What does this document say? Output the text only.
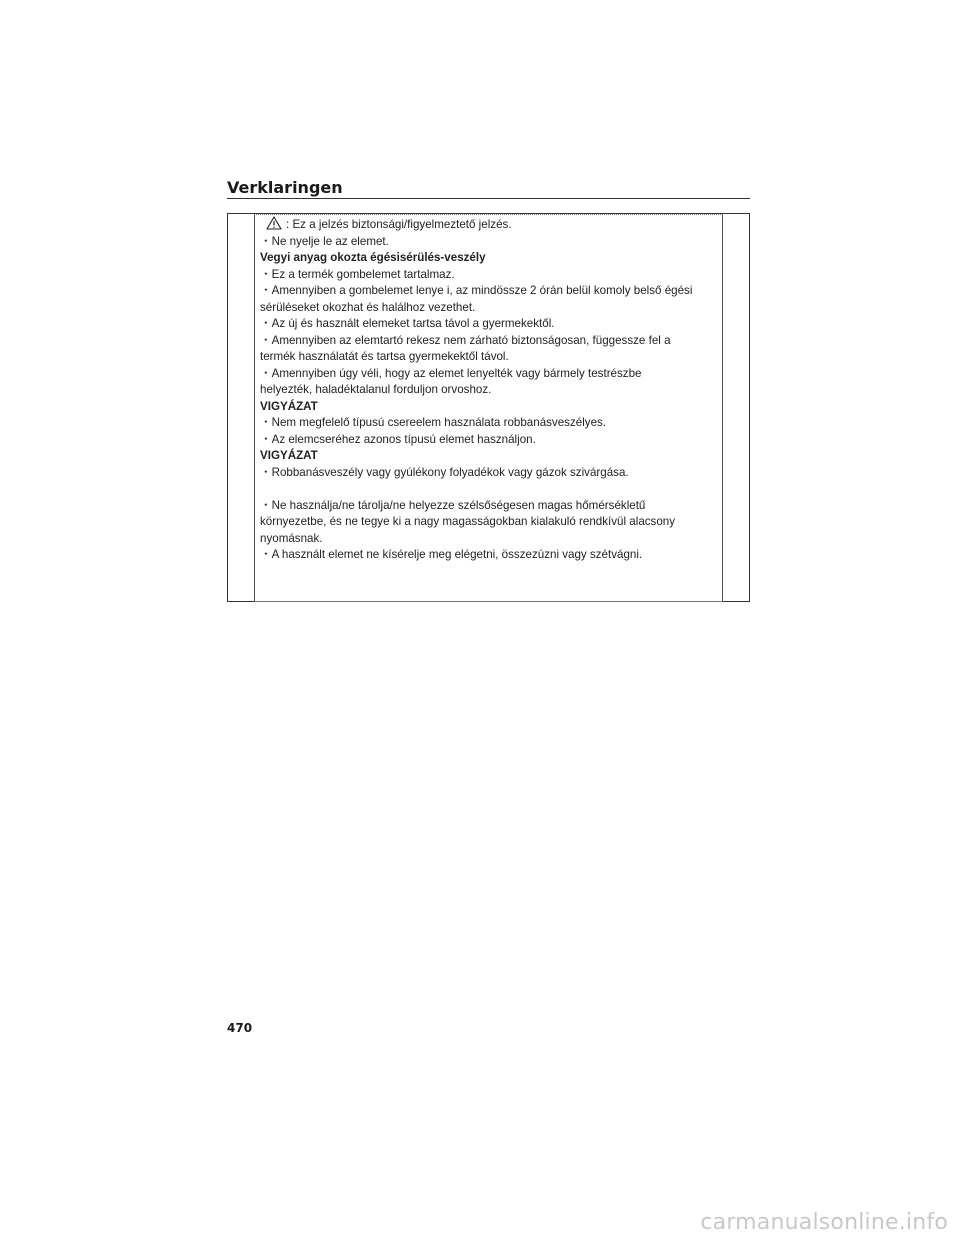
Verklaringen
: Ez a jelzés biztonsági/figyelmeztető jelzés.
・Ne nyelje le az elemet.
Vegyi anyag okozta égésisérülés-veszély
・Ez a termék gombelemet tartalmaz.
・Amennyiben a gombelemet lenye i, az mindössze 2 órán belül komoly belső égési
sérüléseket okozhat és halálhoz vezethet.
・Az új és használt elemeket tartsa távol a gyermekektől.
・Amennyiben az elemtartó rekesz nem zárható biztonságosan, függessze fel a
termék használatát és tartsa gyermekektől távol.
・Amennyiben úgy véli, hogy az elemet lenyelték vagy bármely testrészbe
helyezték, haladéktalanul forduljon orvoshoz.
VIGYÁZAT
・Nem megfelelő típusú csereelem használata robbanásveszélyes.
・Az elemcseréhez azonos típusú elemet használjon.
VIGYÁZAT
・Robbanásveszély vagy gyúlékony folyadékok vagy gázok szivárgása.
・Ne használja/ne tárolja/ne helyezze szélsőségesen magas hőmérsékletű
környezetbe, és ne tegye ki a nagy magasságokban kialakuló rendkívül alacsony
nyomásnak.
・A használt elemet ne kísérelje meg elégetni, összezúzni vagy szétvágni.
470
carmanualsonline.info
